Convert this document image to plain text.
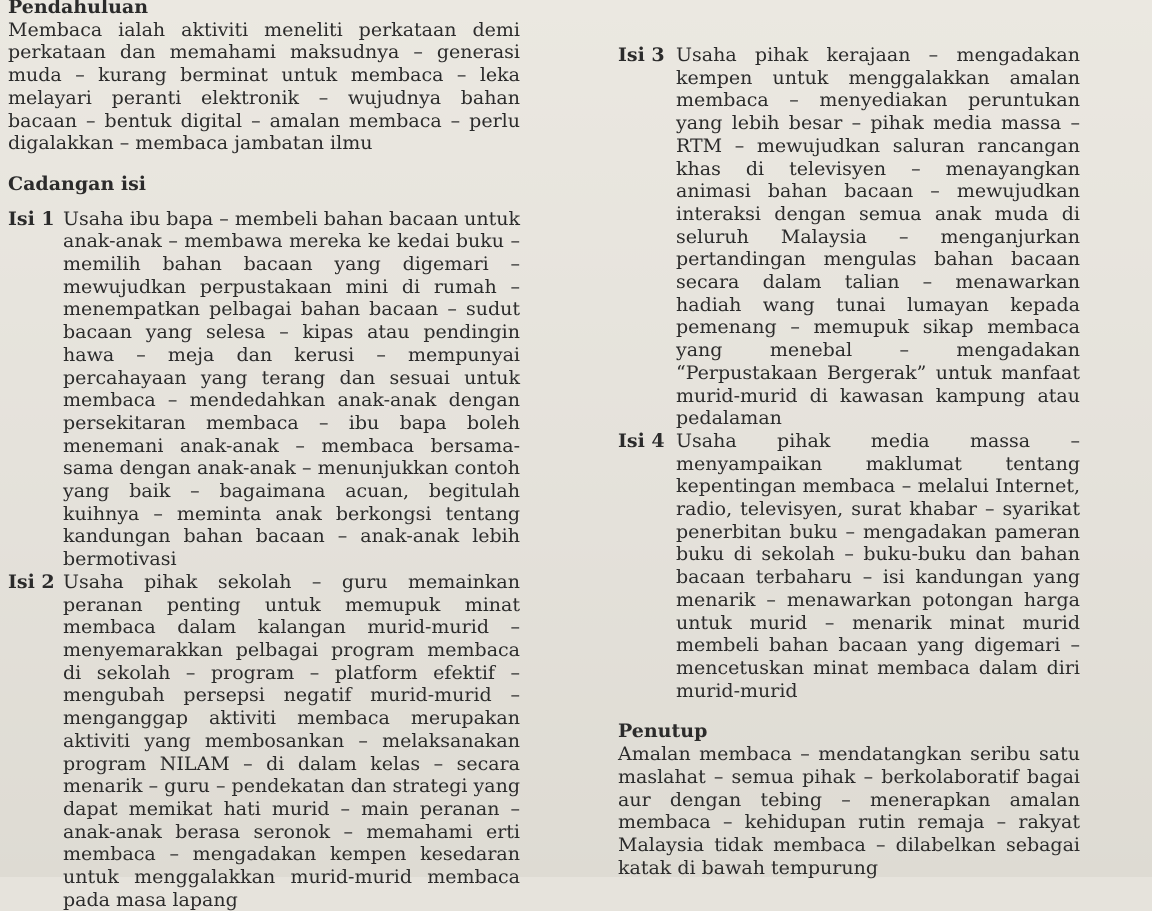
Pendahuluan

Membaca ialah aktiviti meneliti perkataan demi perkataan dan memahami maksudnya – generasi muda – kurang berminat untuk membaca – leka melayari peranti elektronik – wujudnya bahan bacaan – bentuk digital – amalan membaca – perlu digalakkan – membaca jambatan ilmu

Cadangan isi

Isi 1 Usaha ibu bapa – membeli bahan bacaan untuk anak-anak – membawa mereka ke kedai buku – memilih bahan bacaan yang digemari – mewujudkan perpustakaan mini di rumah – menempatkan pelbagai bahan bacaan – sudut bacaan yang selesa – kipas atau pendingin hawa – meja dan kerusi – mempunyai percahayaan yang terang dan sesuai untuk membaca – mendedahkan anak-anak dengan persekitaran membaca – ibu bapa boleh menemani anak-anak – membaca bersama-sama dengan anak-anak – menunjukkan contoh yang baik – bagaimana acuan, begitulah kuihnya – meminta anak berkongsi tentang kandungan bahan bacaan – anak-anak lebih bermotivasi

Isi 2 Usaha pihak sekolah – guru memainkan peranan penting untuk memupuk minat membaca dalam kalangan murid-murid – menyemarakkan pelbagai program membaca di sekolah – program – platform efektif – mengubah persepsi negatif murid-murid – menganggap aktiviti membaca merupakan aktiviti yang membosankan – melaksanakan program NILAM – di dalam kelas – secara menarik – guru – pendekatan dan strategi yang dapat memikat hati murid – main peranan – anak-anak berasa seronok – memahami erti membaca – mengadakan kempen kesedaran untuk menggalakkan murid-murid membaca pada masa lapang

Isi 3 Usaha pihak kerajaan – mengadakan kempen untuk menggalakkan amalan membaca – menyediakan peruntukan yang lebih besar – pihak media massa – RTM – mewujudkan saluran rancangan khas di televisyen – menayangkan animasi bahan bacaan – mewujudkan interaksi dengan semua anak muda di seluruh Malaysia – menganjurkan pertandingan mengulas bahan bacaan secara dalam talian – menawarkan hadiah wang tunai lumayan kepada pemenang – memupuk sikap membaca yang menebal – mengadakan “Perpustakaan Bergerak” untuk manfaat murid-murid di kawasan kampung atau pedalaman

Isi 4 Usaha pihak media massa – menyampaikan maklumat tentang kepentingan membaca – melalui Internet, radio, televisyen, surat khabar – syarikat penerbitan buku – mengadakan pameran buku di sekolah – buku-buku dan bahan bacaan terbaharu – isi kandungan yang menarik – menawarkan potongan harga untuk murid – menarik minat murid membeli bahan bacaan yang digemari – mencetuskan minat membaca dalam diri murid-murid

Penutup

Amalan membaca – mendatangkan seribu satu maslahat – semua pihak – berkolaboratif bagai aur dengan tebing – menerapkan amalan membaca – kehidupan rutin remaja – rakyat Malaysia tidak membaca – dilabelkan sebagai katak di bawah tempurung
